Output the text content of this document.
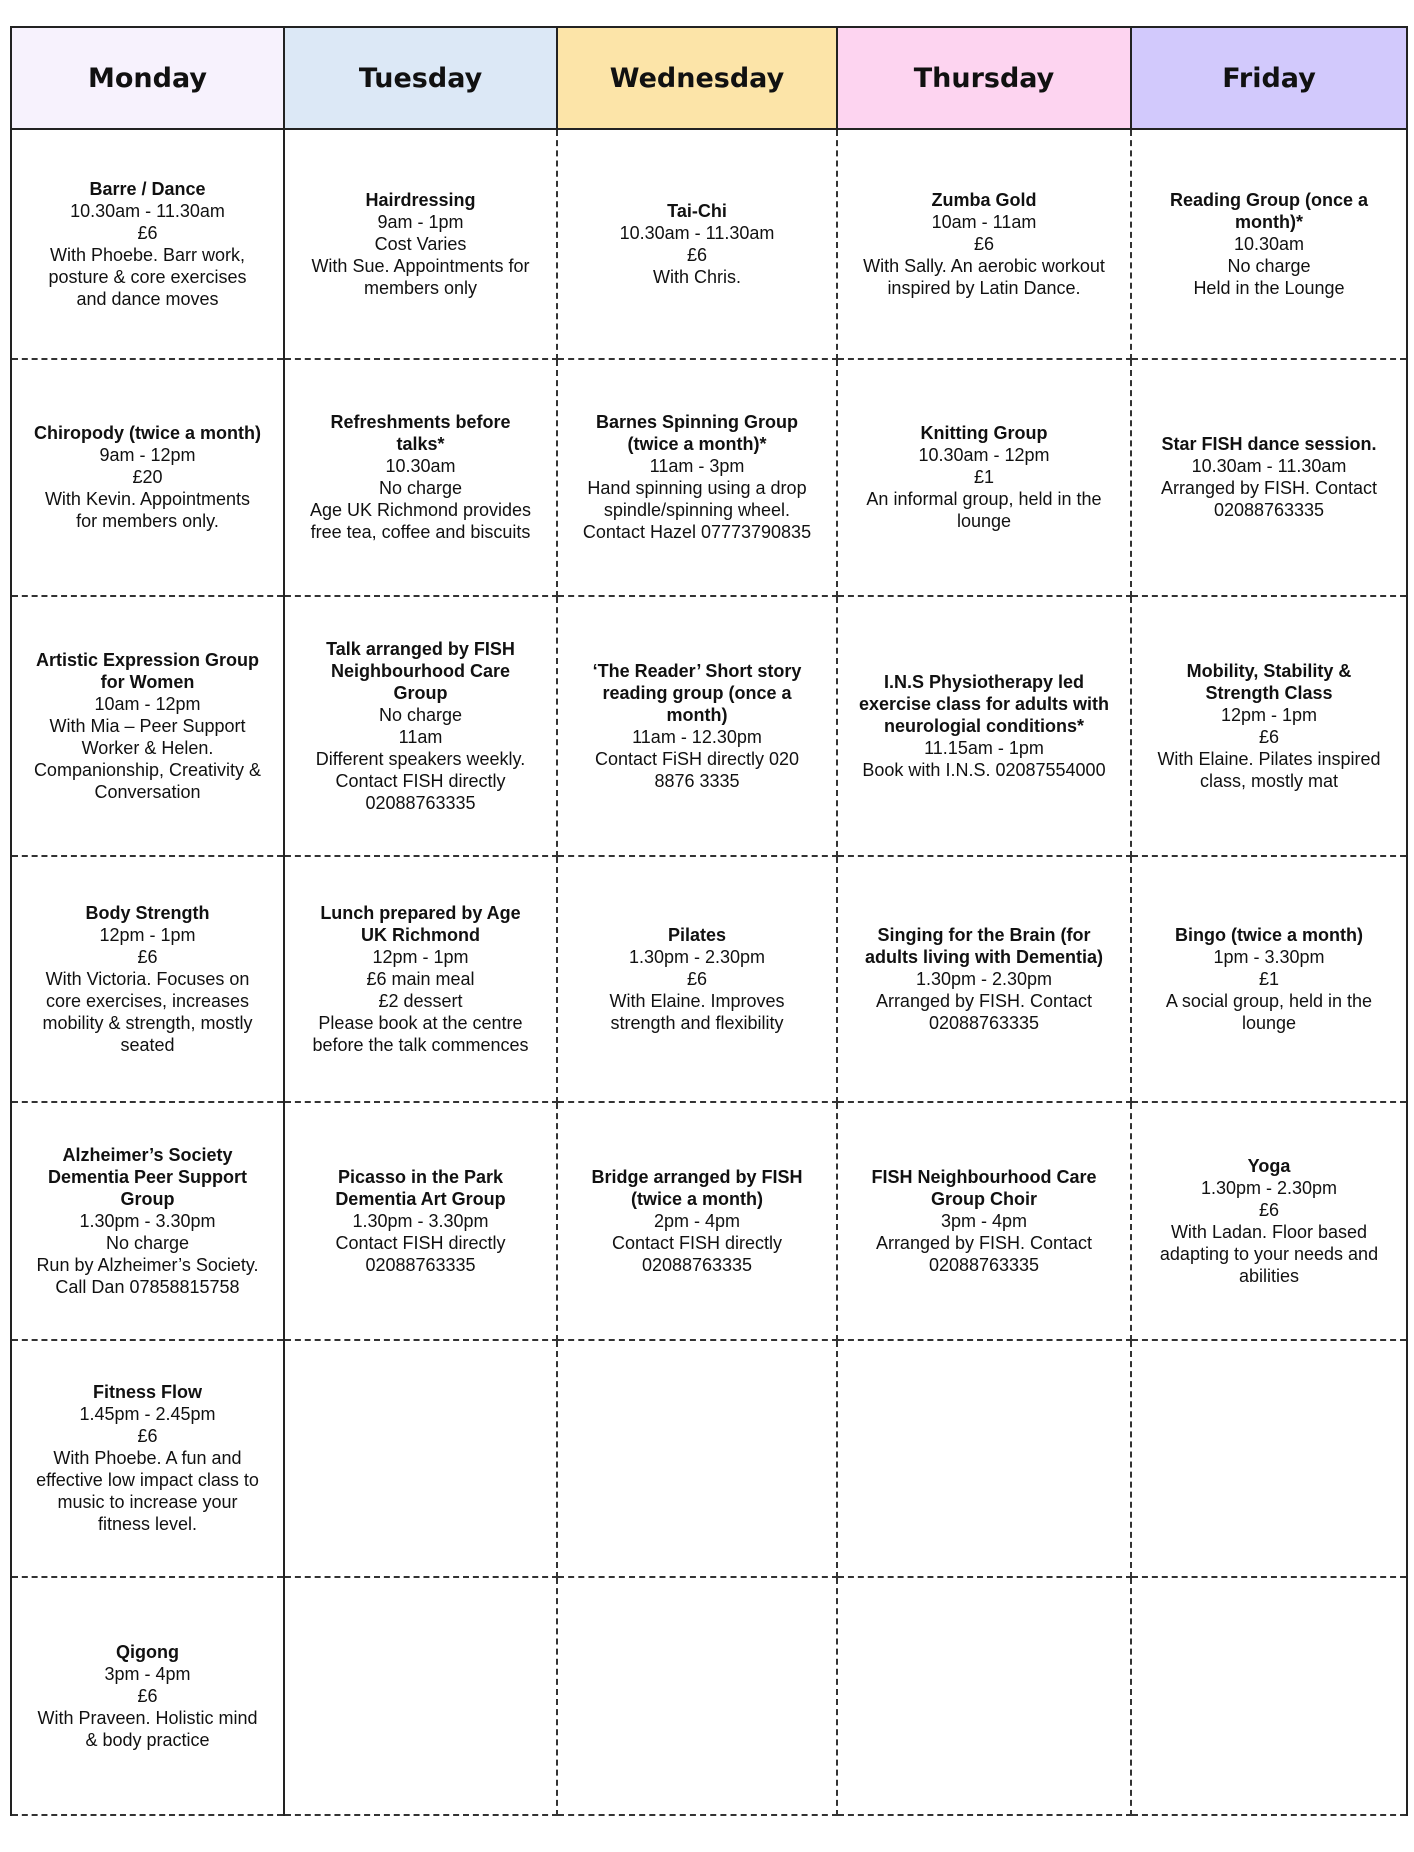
Monday	Tuesday	Wednesday	Thursday	Friday

Barre / Dance
10.30am - 11.30am
£6
With Phoebe. Barr work, posture & core exercises and dance moves	Hairdressing
9am - 1pm
Cost Varies
With Sue. Appointments for members only	Tai-Chi
10.30am - 11.30am
£6
With Chris.	Zumba Gold
10am - 11am
£6
With Sally. An aerobic workout inspired by Latin Dance.	Reading Group (once a month)*
10.30am
No charge
Held in the Lounge

Chiropody (twice a month)
9am - 12pm
£20
With Kevin. Appointments for members only.	Refreshments before talks*
10.30am
No charge
Age UK Richmond provides free tea, coffee and biscuits	Barnes Spinning Group (twice a month)*
11am - 3pm
Hand spinning using a drop spindle/spinning wheel. Contact Hazel 07773790835	Knitting Group
10.30am - 12pm
£1
An informal group, held in the lounge	Star FISH dance session.
10.30am - 11.30am
Arranged by FISH. Contact 02088763335

Artistic Expression Group for Women
10am - 12pm
With Mia – Peer Support Worker & Helen. Companionship, Creativity & Conversation	Talk arranged by FISH Neighbourhood Care Group
No charge
11am
Different speakers weekly. Contact FISH directly 02088763335	‘The Reader’ Short story reading group (once a month)
11am - 12.30pm
Contact FiSH directly 020 8876 3335	I.N.S Physiotherapy led exercise class for adults with neurologial conditions*
11.15am - 1pm
Book with I.N.S. 02087554000	Mobility, Stability & Strength Class
12pm - 1pm
£6
With Elaine. Pilates inspired class, mostly mat

Body Strength
12pm - 1pm
£6
With Victoria. Focuses on core exercises, increases mobility & strength, mostly seated	Lunch prepared by Age UK Richmond
12pm - 1pm
£6 main meal
£2 dessert
Please book at the centre before the talk commences	Pilates
1.30pm - 2.30pm
£6
With Elaine. Improves strength and flexibility	Singing for the Brain (for adults living with Dementia)
1.30pm - 2.30pm
Arranged by FISH. Contact 02088763335	Bingo (twice a month)
1pm - 3.30pm
£1
A social group, held in the lounge

Alzheimer’s Society Dementia Peer Support Group
1.30pm - 3.30pm
No charge
Run by Alzheimer’s Society. Call Dan 07858815758	Picasso in the Park Dementia Art Group
1.30pm - 3.30pm
Contact FISH directly 02088763335	Bridge arranged by FISH (twice a month)
2pm - 4pm
Contact FISH directly 02088763335	FISH Neighbourhood Care Group Choir
3pm - 4pm
Arranged by FISH. Contact 02088763335	Yoga
1.30pm - 2.30pm
£6
With Ladan. Floor based adapting to your needs and abilities

Fitness Flow
1.45pm - 2.45pm
£6
With Phoebe. A fun and effective low impact class to music to increase your fitness level.				

Qigong
3pm - 4pm
£6
With Praveen. Holistic mind & body practice				
